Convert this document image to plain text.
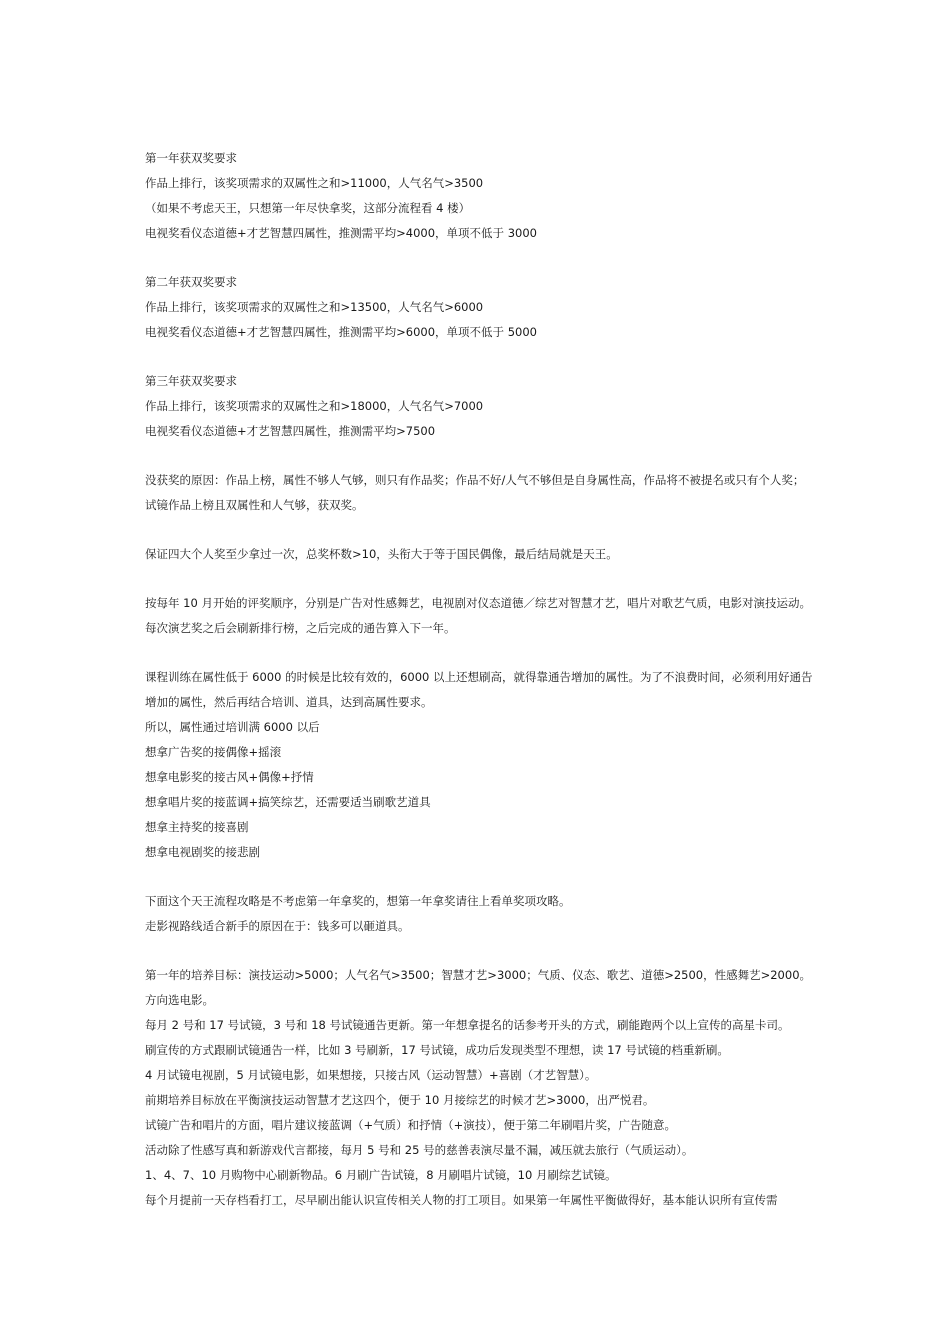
第一年获双奖要求
作品上排行，该奖项需求的双属性之和>11000，人气名气>3500
（如果不考虑天王，只想第一年尽快拿奖，这部分流程看 4 楼）
电视奖看仪态道德+才艺智慧四属性，推测需平均>4000，单项不低于 3000
第二年获双奖要求
作品上排行，该奖项需求的双属性之和>13500，人气名气>6000
电视奖看仪态道德+才艺智慧四属性，推测需平均>6000，单项不低于 5000
第三年获双奖要求
作品上排行，该奖项需求的双属性之和>18000，人气名气>7000
电视奖看仪态道德+才艺智慧四属性，推测需平均>7500
没获奖的原因：作品上榜，属性不够人气够，则只有作品奖；作品不好/人气不够但是自身属性高，作品将不被提名或只有个人奖；试镜作品上榜且双属性和人气够，获双奖。
保证四大个人奖至少拿过一次，总奖杯数>10，头衔大于等于国民偶像，最后结局就是天王。
按每年 10 月开始的评奖顺序，分别是广告对性感舞艺，电视剧对仪态道德／综艺对智慧才艺，唱片对歌艺气质，电影对演技运动。每次演艺奖之后会刷新排行榜，之后完成的通告算入下一年。
课程训练在属性低于 6000 的时候是比较有效的，6000 以上还想刷高，就得靠通告增加的属性。为了不浪费时间，必须利用好通告增加的属性，然后再结合培训、道具，达到高属性要求。
所以，属性通过培训满 6000 以后
想拿广告奖的接偶像+摇滚
想拿电影奖的接古风+偶像+抒情
想拿唱片奖的接蓝调+搞笑综艺，还需要适当刷歌艺道具
想拿主持奖的接喜剧
想拿电视剧奖的接悲剧
下面这个天王流程攻略是不考虑第一年拿奖的，想第一年拿奖请往上看单奖项攻略。
走影视路线适合新手的原因在于：钱多可以砸道具。
第一年的培养目标：演技运动>5000；人气名气>3500；智慧才艺>3000；气质、仪态、歌艺、道德>2500，性感舞艺>2000。
方向选电影。
每月 2 号和 17 号试镜，3 号和 18 号试镜通告更新。第一年想拿提名的话参考开头的方式，刷能跑两个以上宣传的高星卡司。
刷宣传的方式跟刷试镜通告一样，比如 3 号刷新，17 号试镜，成功后发现类型不理想，读 17 号试镜的档重新刷。
4 月试镜电视剧，5 月试镜电影，如果想接，只接古风（运动智慧）+喜剧（才艺智慧）。
前期培养目标放在平衡演技运动智慧才艺这四个，便于 10 月接综艺的时候才艺>3000，出严悦君。
试镜广告和唱片的方面，唱片建议接蓝调（+气质）和抒情（+演技），便于第二年刷唱片奖，广告随意。
活动除了性感写真和新游戏代言都接，每月 5 号和 25 号的慈善表演尽量不漏，减压就去旅行（气质运动）。
1、4、7、10 月购物中心刷新物品。6 月刷广告试镜，8 月刷唱片试镜，10 月刷综艺试镜。
每个月提前一天存档看打工，尽早刷出能认识宣传相关人物的打工项目。如果第一年属性平衡做得好，基本能认识所有宣传需
